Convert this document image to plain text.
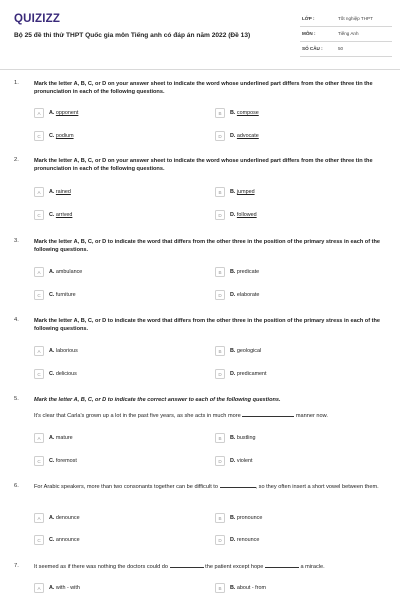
QUIZIZZ
Bộ 25 đề thi thử THPT Quốc gia môn Tiếng anh có đáp án năm 2022 (Đề 13)
LỚP :	Tốt nghiệp THPT
MÔN :	Tiếng Anh
SỐ CÂU :	50
1.	Mark the letter A, B, C, or D on your answer sheet to indicate the word whose underlined part differs from the other three tin the pronunciation in each of the following questions.
A	A. opponent	B	B. compose
C	C. podium	D	D. advocate
2.	Mark the letter A, B, C, or D on your answer sheet to indicate the word whose underlined part differs from the other three tin the pronunciation in each of the following questions.
A	A. rained	B	B. jumped
C	C. arrived	D	D. followed
3.	Mark the letter A, B, C, or D to indicate the word that differs from the other three in the position of the primary stress in each of the following questions.
A	A. ambulance	B	B. predicate
C	C. furniture	D	D. elaborate
4.	Mark the letter A, B, C, or D to indicate the word that differs from the other three in the position of the primary stress in each of the following questions.
A	A. laborious	B	B. geological
C	C. delicious	D	D. predicament
5.	Mark the letter A, B, C, or D to indicate the correct answer to each of the following questions.
It's clear that Carla's grown up a lot in the past five years, as she acts in much more	manner now.
A	A. mature	B	B. bustling
C	C. foremost	D	D. violent
6.	For Arabic speakers, more than two consonants together can be difficult to	, so they often insert a short vowel between them.
A	A. denounce	B	B. pronounce
C	C. announce	D	D. renounce
7.	It seemed as if there was nothing the doctors could do	the patient except hope	a miracle.
A	A. with - with	B	B. about - from
